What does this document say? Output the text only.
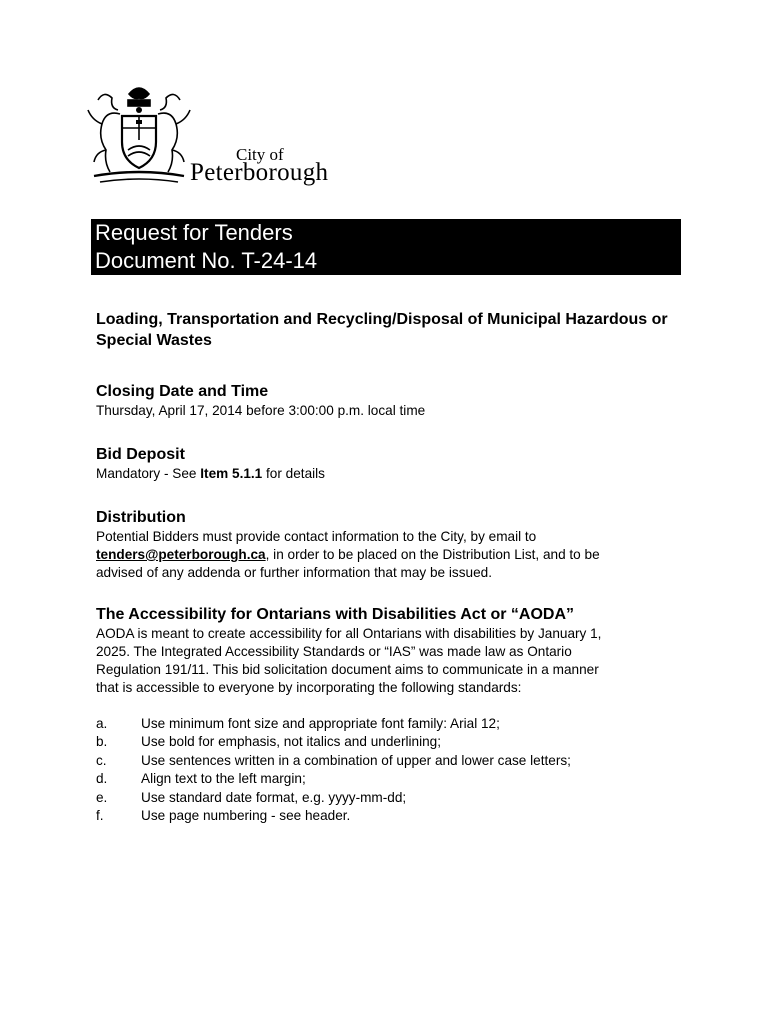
City of
Peterborough
Request for Tenders
Document No. T-24-14
Loading, Transportation and Recycling/Disposal of Municipal Hazardous or Special Wastes

Closing Date and Time

Thursday, April 17, 2014 before 3:00:00 p.m. local time

Bid Deposit

Mandatory - See Item 5.1.1 for details

Distribution

Potential Bidders must provide contact information to the City, by email to

tenders@peterborough.ca, in order to be placed on the Distribution List, and to be

advised of any addenda or further information that may be issued.

The Accessibility for Ontarians with Disabilities Act or “AODA”

AODA is meant to create accessibility for all Ontarians with disabilities by January 1,

2025. The Integrated Accessibility Standards or “IAS” was made law as Ontario

Regulation 191/11. This bid solicitation document aims to communicate in a manner

that is accessible to everyone by incorporating the following standards:

a. Use minimum font size and appropriate font family: Arial 12;
b. Use bold for emphasis, not italics and underlining;
c.	Use sentences written in a combination of upper and lower case letters;
d. Align text to the left margin;
e. Use standard date format, e.g. yyyy-mm-dd;
f.	Use page numbering - see header.
